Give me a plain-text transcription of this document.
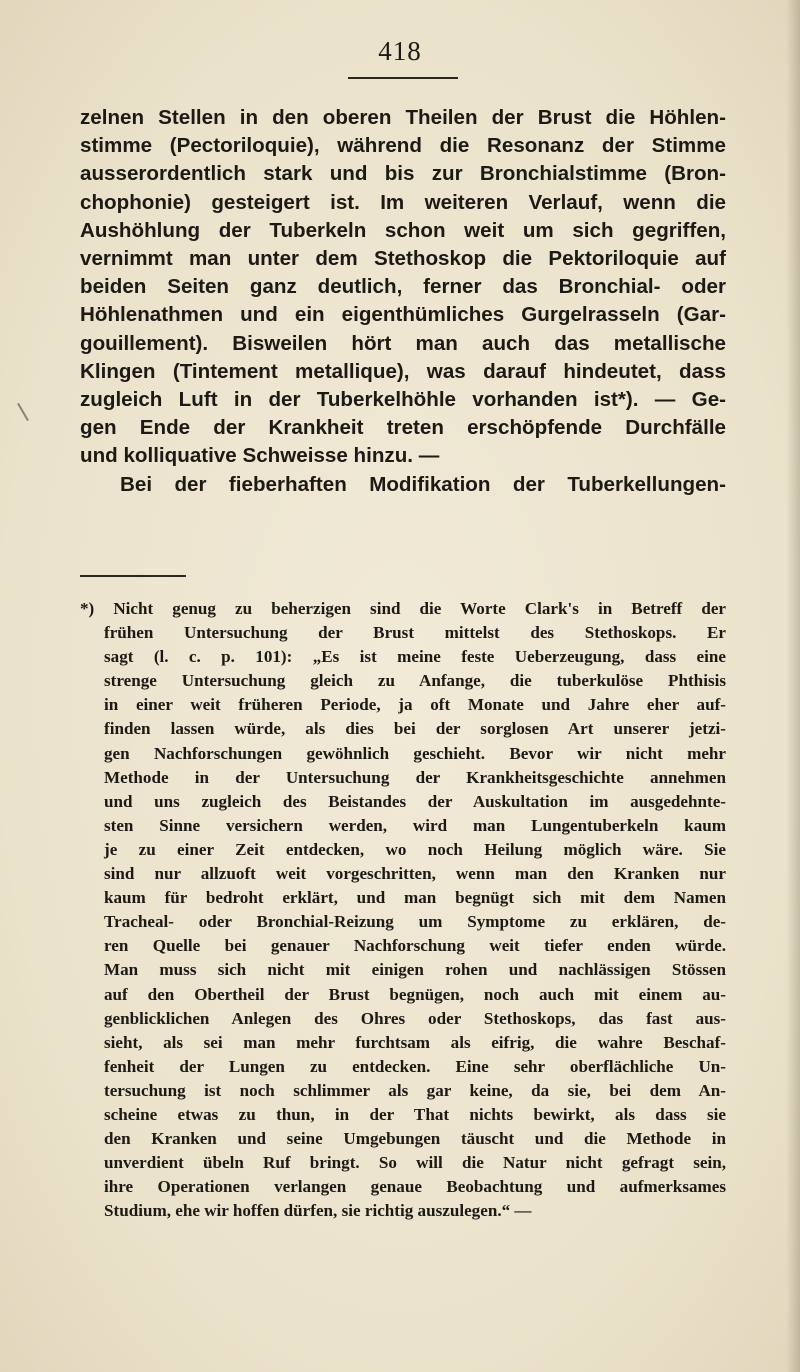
418
zelnen Stellen in den oberen Theilen der Brust die Höhlen-
stimme (Pectoriloquie), während die Resonanz der Stimme
ausserordentlich stark und bis zur Bronchialstimme (Bron-
chophonie) gesteigert ist. Im weiteren Verlauf, wenn die
Aushöhlung der Tuberkeln schon weit um sich gegriffen,
vernimmt man unter dem Stethoskop die Pektoriloquie auf
beiden Seiten ganz deutlich, ferner das Bronchial- oder
Höhlenathmen und ein eigenthümliches Gurgelrasseln (Gar-
gouillement). Bisweilen hört man auch das metallische
Klingen (Tintement metallique), was darauf hindeutet, dass
zugleich Luft in der Tuberkelhöhle vorhanden ist*). — Ge-
gen Ende der Krankheit treten erschöpfende Durchfälle
und kolliquative Schweisse hinzu. —
Bei der fieberhaften Modifikation der Tuberkellungen-
*) Nicht genug zu beherzigen sind die Worte Clark's in Betreff der
frühen Untersuchung der Brust mittelst des Stethoskops. Er
sagt (l. c. p. 101): „Es ist meine feste Ueberzeugung, dass eine
strenge Untersuchung gleich zu Anfange, die tuberkulöse Phthisis
in einer weit früheren Periode, ja oft Monate und Jahre eher auf-
finden lassen würde, als dies bei der sorglosen Art unserer jetzi-
gen Nachforschungen gewöhnlich geschieht. Bevor wir nicht mehr
Methode in der Untersuchung der Krankheitsgeschichte annehmen
und uns zugleich des Beistandes der Auskultation im ausgedehnte-
sten Sinne versichern werden, wird man Lungentuberkeln kaum
je zu einer Zeit entdecken, wo noch Heilung möglich wäre. Sie
sind nur allzuoft weit vorgeschritten, wenn man den Kranken nur
kaum für bedroht erklärt, und man begnügt sich mit dem Namen
Tracheal- oder Bronchial-Reizung um Symptome zu erklären, de-
ren Quelle bei genauer Nachforschung weit tiefer enden würde.
Man muss sich nicht mit einigen rohen und nachlässigen Stössen
auf den Obertheil der Brust begnügen, noch auch mit einem au-
genblicklichen Anlegen des Ohres oder Stethoskops, das fast aus-
sieht, als sei man mehr furchtsam als eifrig, die wahre Beschaf-
fenheit der Lungen zu entdecken. Eine sehr oberflächliche Un-
tersuchung ist noch schlimmer als gar keine, da sie, bei dem An-
scheine etwas zu thun, in der That nichts bewirkt, als dass sie
den Kranken und seine Umgebungen täuscht und die Methode in
unverdient übeln Ruf bringt. So will die Natur nicht gefragt sein,
ihre Operationen verlangen genaue Beobachtung und aufmerksames
Studium, ehe wir hoffen dürfen, sie richtig auszulegen.“ —
